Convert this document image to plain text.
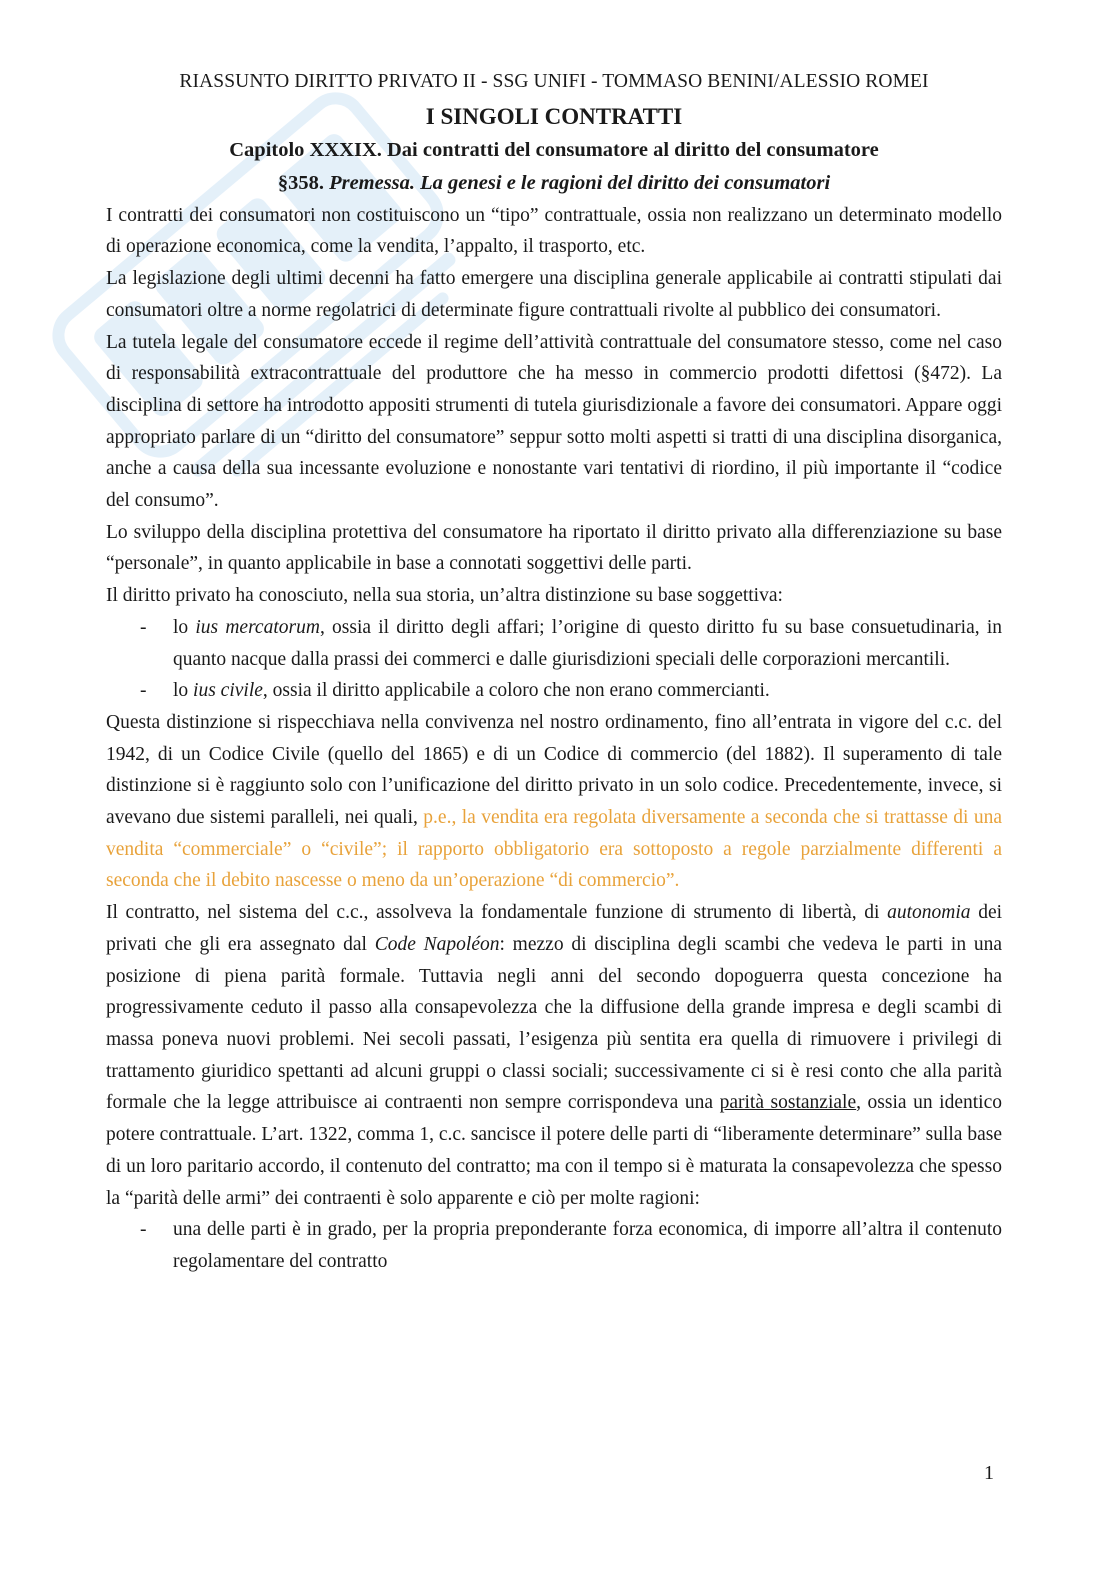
RIASSUNTO DIRITTO PRIVATO II - SSG UNIFI - TOMMASO BENINI/ALESSIO ROMEI
I SINGOLI CONTRATTI
Capitolo XXXIX. Dai contratti del consumatore al diritto del consumatore
§358. Premessa. La genesi e le ragioni del diritto dei consumatori

I contratti dei consumatori non costituiscono un “tipo” contrattuale, ossia non realizzano un determinato modello di operazione economica, come la vendita, l’appalto, il trasporto, etc.

La legislazione degli ultimi decenni ha fatto emergere una disciplina generale applicabile ai contratti stipulati dai consumatori oltre a norme regolatrici di determinate figure contrattuali rivolte al pubblico dei consumatori.

La tutela legale del consumatore eccede il regime dell’attività contrattuale del consumatore stesso, come nel caso di responsabilità extracontrattuale del produttore che ha messo in commercio prodotti difettosi (§472). La disciplina di settore ha introdotto appositi strumenti di tutela giurisdizionale a favore dei consumatori. Appare oggi appropriato parlare di un “diritto del consumatore” seppur sotto molti aspetti si tratti di una disciplina disorganica, anche a causa della sua incessante evoluzione e nonostante vari tentativi di riordino, il più importante il “codice del consumo”.

Lo sviluppo della disciplina protettiva del consumatore ha riportato il diritto privato alla differenziazione su base “personale”, in quanto applicabile in base a connotati soggettivi delle parti.

Il diritto privato ha conosciuto, nella sua storia, un’altra distinzione su base soggettiva:

- lo ius mercatorum, ossia il diritto degli affari; l’origine di questo diritto fu su base consuetudinaria, in quanto nacque dalla prassi dei commerci e dalle giurisdizioni speciali delle corporazioni mercantili.
- lo ius civile, ossia il diritto applicabile a coloro che non erano commercianti.

Questa distinzione si rispecchiava nella convivenza nel nostro ordinamento, fino all’entrata in vigore del c.c. del 1942, di un Codice Civile (quello del 1865) e di un Codice di commercio (del 1882). Il superamento di tale distinzione si è raggiunto solo con l’unificazione del diritto privato in un solo codice. Precedentemente, invece, si avevano due sistemi paralleli, nei quali, p.e., la vendita era regolata diversamente a seconda che si trattasse di una vendita “commerciale” o “civile”; il rapporto obbligatorio era sottoposto a regole parzialmente differenti a seconda che il debito nascesse o meno da un’operazione “di commercio”.

Il contratto, nel sistema del c.c., assolveva la fondamentale funzione di strumento di libertà, di autonomia dei privati che gli era assegnato dal Code Napoléon: mezzo di disciplina degli scambi che vedeva le parti in una posizione di piena parità formale. Tuttavia negli anni del secondo dopoguerra questa concezione ha progressivamente ceduto il passo alla consapevolezza che la diffusione della grande impresa e degli scambi di massa poneva nuovi problemi. Nei secoli passati, l’esigenza più sentita era quella di rimuovere i privilegi di trattamento giuridico spettanti ad alcuni gruppi o classi sociali; successivamente ci si è resi conto che alla parità formale che la legge attribuisce ai contraenti non sempre corrispondeva una parità sostanziale, ossia un identico potere contrattuale. L’art. 1322, comma 1, c.c. sancisce il potere delle parti di “liberamente determinare” sulla base di un loro paritario accordo, il contenuto del contratto; ma con il tempo si è maturata la consapevolezza che spesso la “parità delle armi” dei contraenti è solo apparente e ciò per molte ragioni:

- una delle parti è in grado, per la propria preponderante forza economica, di imporre all’altra il contenuto regolamentare del contratto
1
